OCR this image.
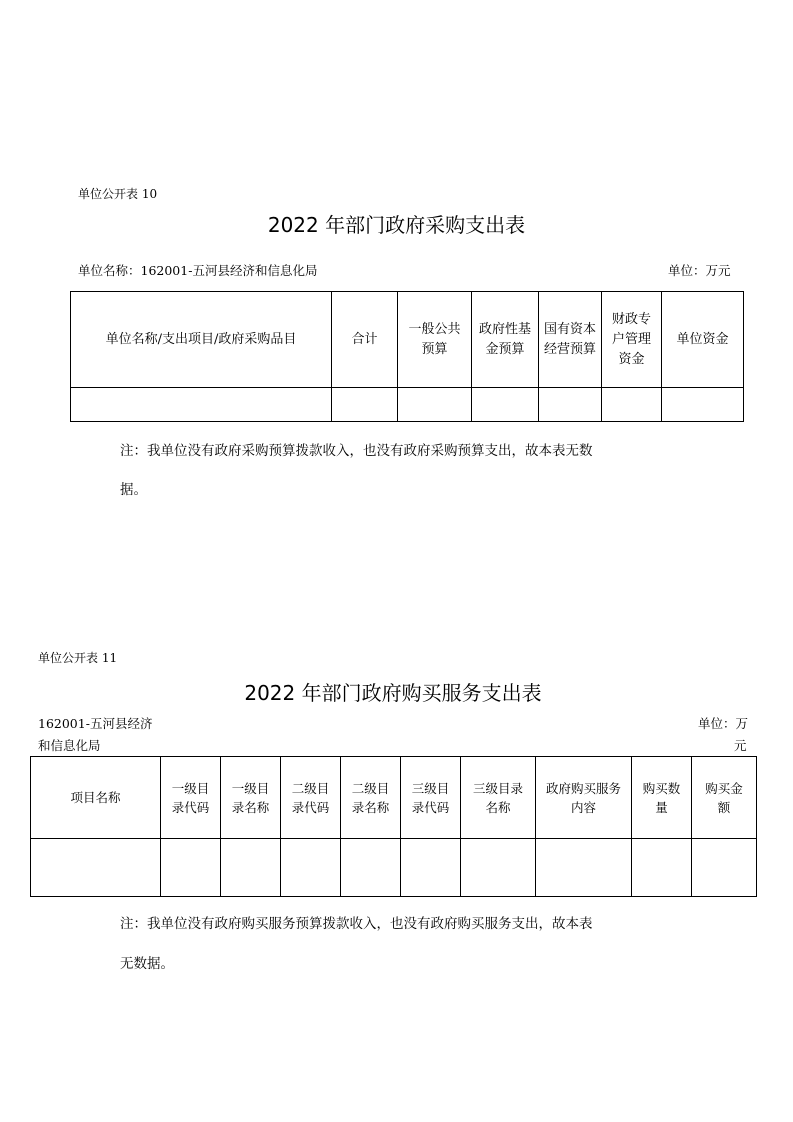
单位公开表 10
2022 年部门政府采购支出表
单位名称：162001-五河县经济和信息化局	单位：万元
单位名称/支出项目/政府采购品目	合计	一般公共预算	政府性基金预算	国有资本经营预算	财政专户管理资金	单位资金

注：我单位没有政府采购预算拨款收入，也没有政府采购预算支出，故本表无数
据。
单位公开表 11
2022 年部门政府购买服务支出表
162001-五河县经济
和信息化局
单位：万
元
项目名称	一级目录代码	一级目录名称	二级目录代码	二级目录名称	三级目录代码	三级目录名称	政府购买服务内容	购买数量	购买金额

注：我单位没有政府购买服务预算拨款收入，也没有政府购买服务支出，故本表
无数据。
